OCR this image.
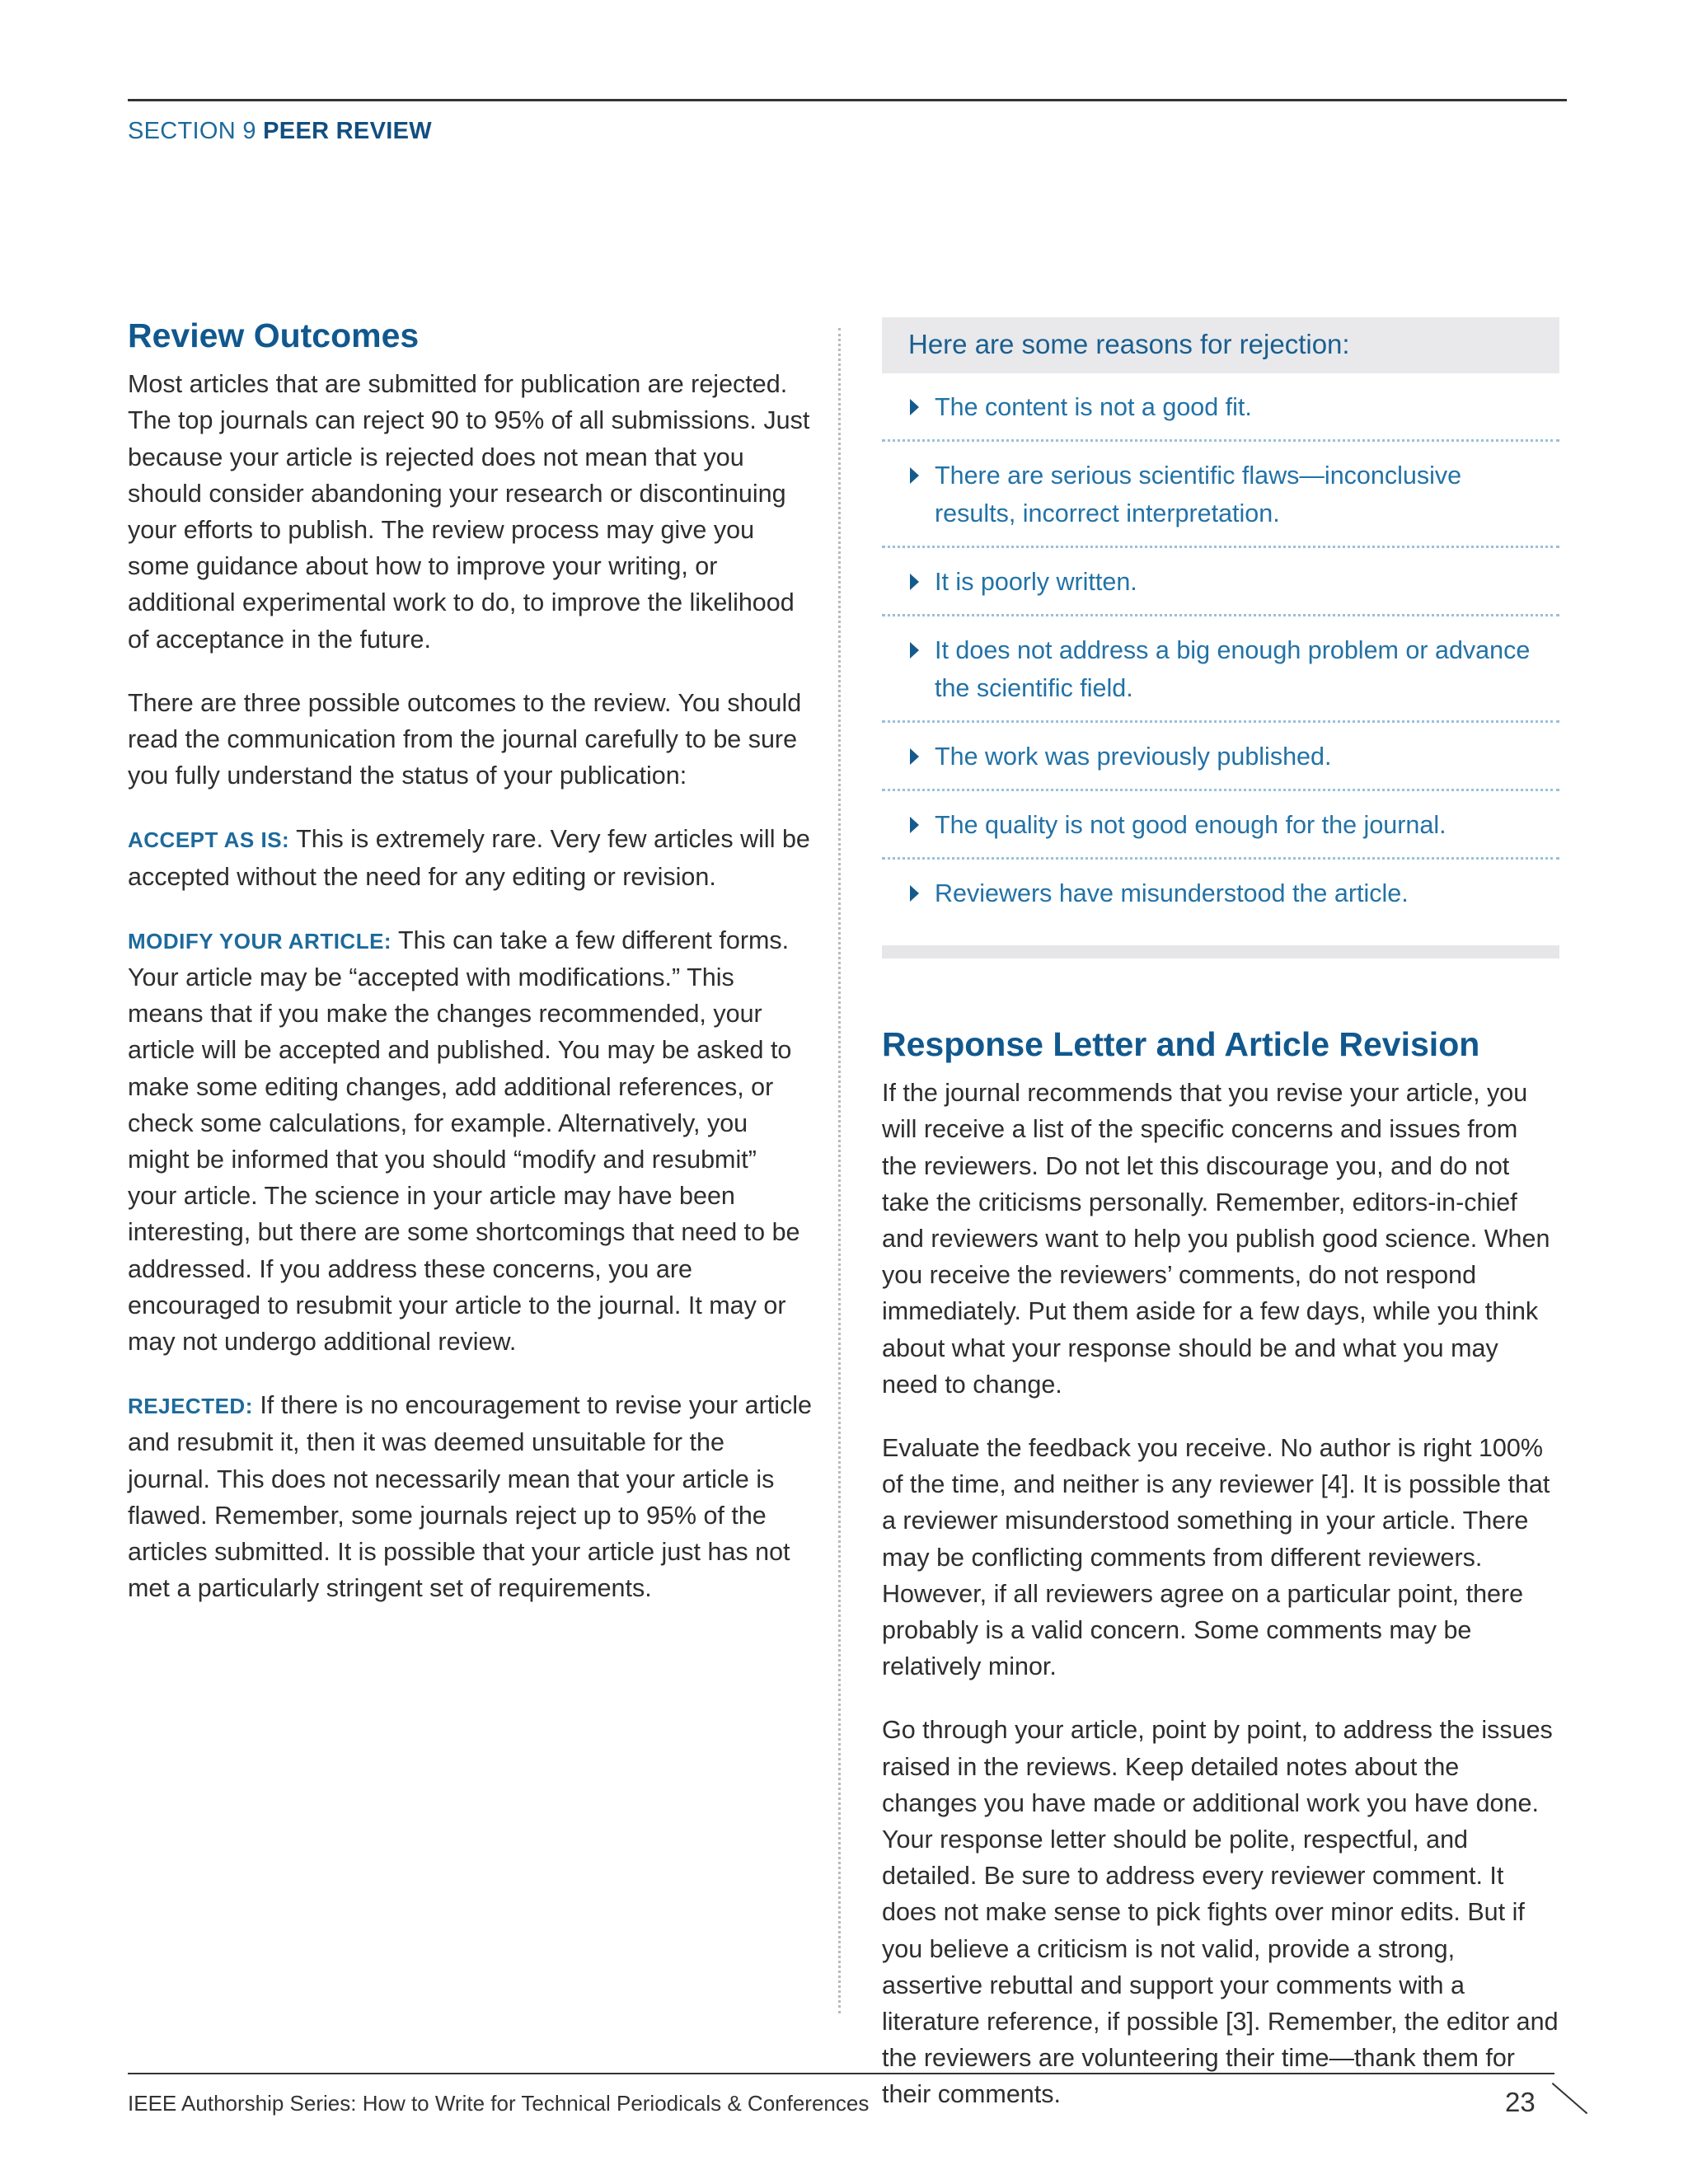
SECTION 9 PEER REVIEW
Review Outcomes

Most articles that are submitted for publication are rejected. The top journals can reject 90 to 95% of all submissions. Just because your article is rejected does not mean that you should consider abandoning your research or discontinuing your efforts to publish. The review process may give you some guidance about how to improve your writing, or additional experimental work to do, to improve the likelihood of acceptance in the future.

There are three possible outcomes to the review. You should read the communication from the journal carefully to be sure you fully understand the status of your publication:

ACCEPT AS IS: This is extremely rare. Very few articles will be accepted without the need for any editing or revision.

MODIFY YOUR ARTICLE: This can take a few different forms. Your article may be “accepted with modifications.” This means that if you make the changes recommended, your article will be accepted and published. You may be asked to make some editing changes, add additional references, or check some calculations, for example. Alternatively, you might be informed that you should “modify and resubmit” your article. The science in your article may have been interesting, but there are some shortcomings that need to be addressed. If you address these concerns, you are encouraged to resubmit your article to the journal. It may or may not undergo additional review.

REJECTED: If there is no encouragement to revise your article and resubmit it, then it was deemed unsuitable for the journal. This does not necessarily mean that your article is flawed. Remember, some journals reject up to 95% of the articles submitted. It is possible that your article just has not met a particularly stringent set of requirements.

Here are some reasons for rejection:
The content is not a good fit.
There are serious scientific flaws—inconclusive results, incorrect interpretation.
It is poorly written.
It does not address a big enough problem or advance the scientific field.
The work was previously published.
The quality is not good enough for the journal.
Reviewers have misunderstood the article.
Response Letter and Article Revision

If the journal recommends that you revise your article, you will receive a list of the specific concerns and issues from the reviewers. Do not let this discourage you, and do not take the criticisms personally. Remember, editors-in-chief and reviewers want to help you publish good science. When you receive the reviewers’ comments, do not respond immediately. Put them aside for a few days, while you think about what your response should be and what you may need to change.

Evaluate the feedback you receive. No author is right 100% of the time, and neither is any reviewer [4]. It is possible that a reviewer misunderstood something in your article. There may be conflicting comments from different reviewers. However, if all reviewers agree on a particular point, there probably is a valid concern. Some comments may be relatively minor.

Go through your article, point by point, to address the issues raised in the reviews. Keep detailed notes about the changes you have made or additional work you have done. Your response letter should be polite, respectful, and detailed. Be sure to address every reviewer comment. It does not make sense to pick fights over minor edits. But if you believe a criticism is not valid, provide a strong, assertive rebuttal and support your comments with a literature reference, if possible [3]. Remember, the editor and the reviewers are volunteering their time—thank them for their comments.

IEEE Authorship Series: How to Write for Technical Periodicals & Conferences	23
